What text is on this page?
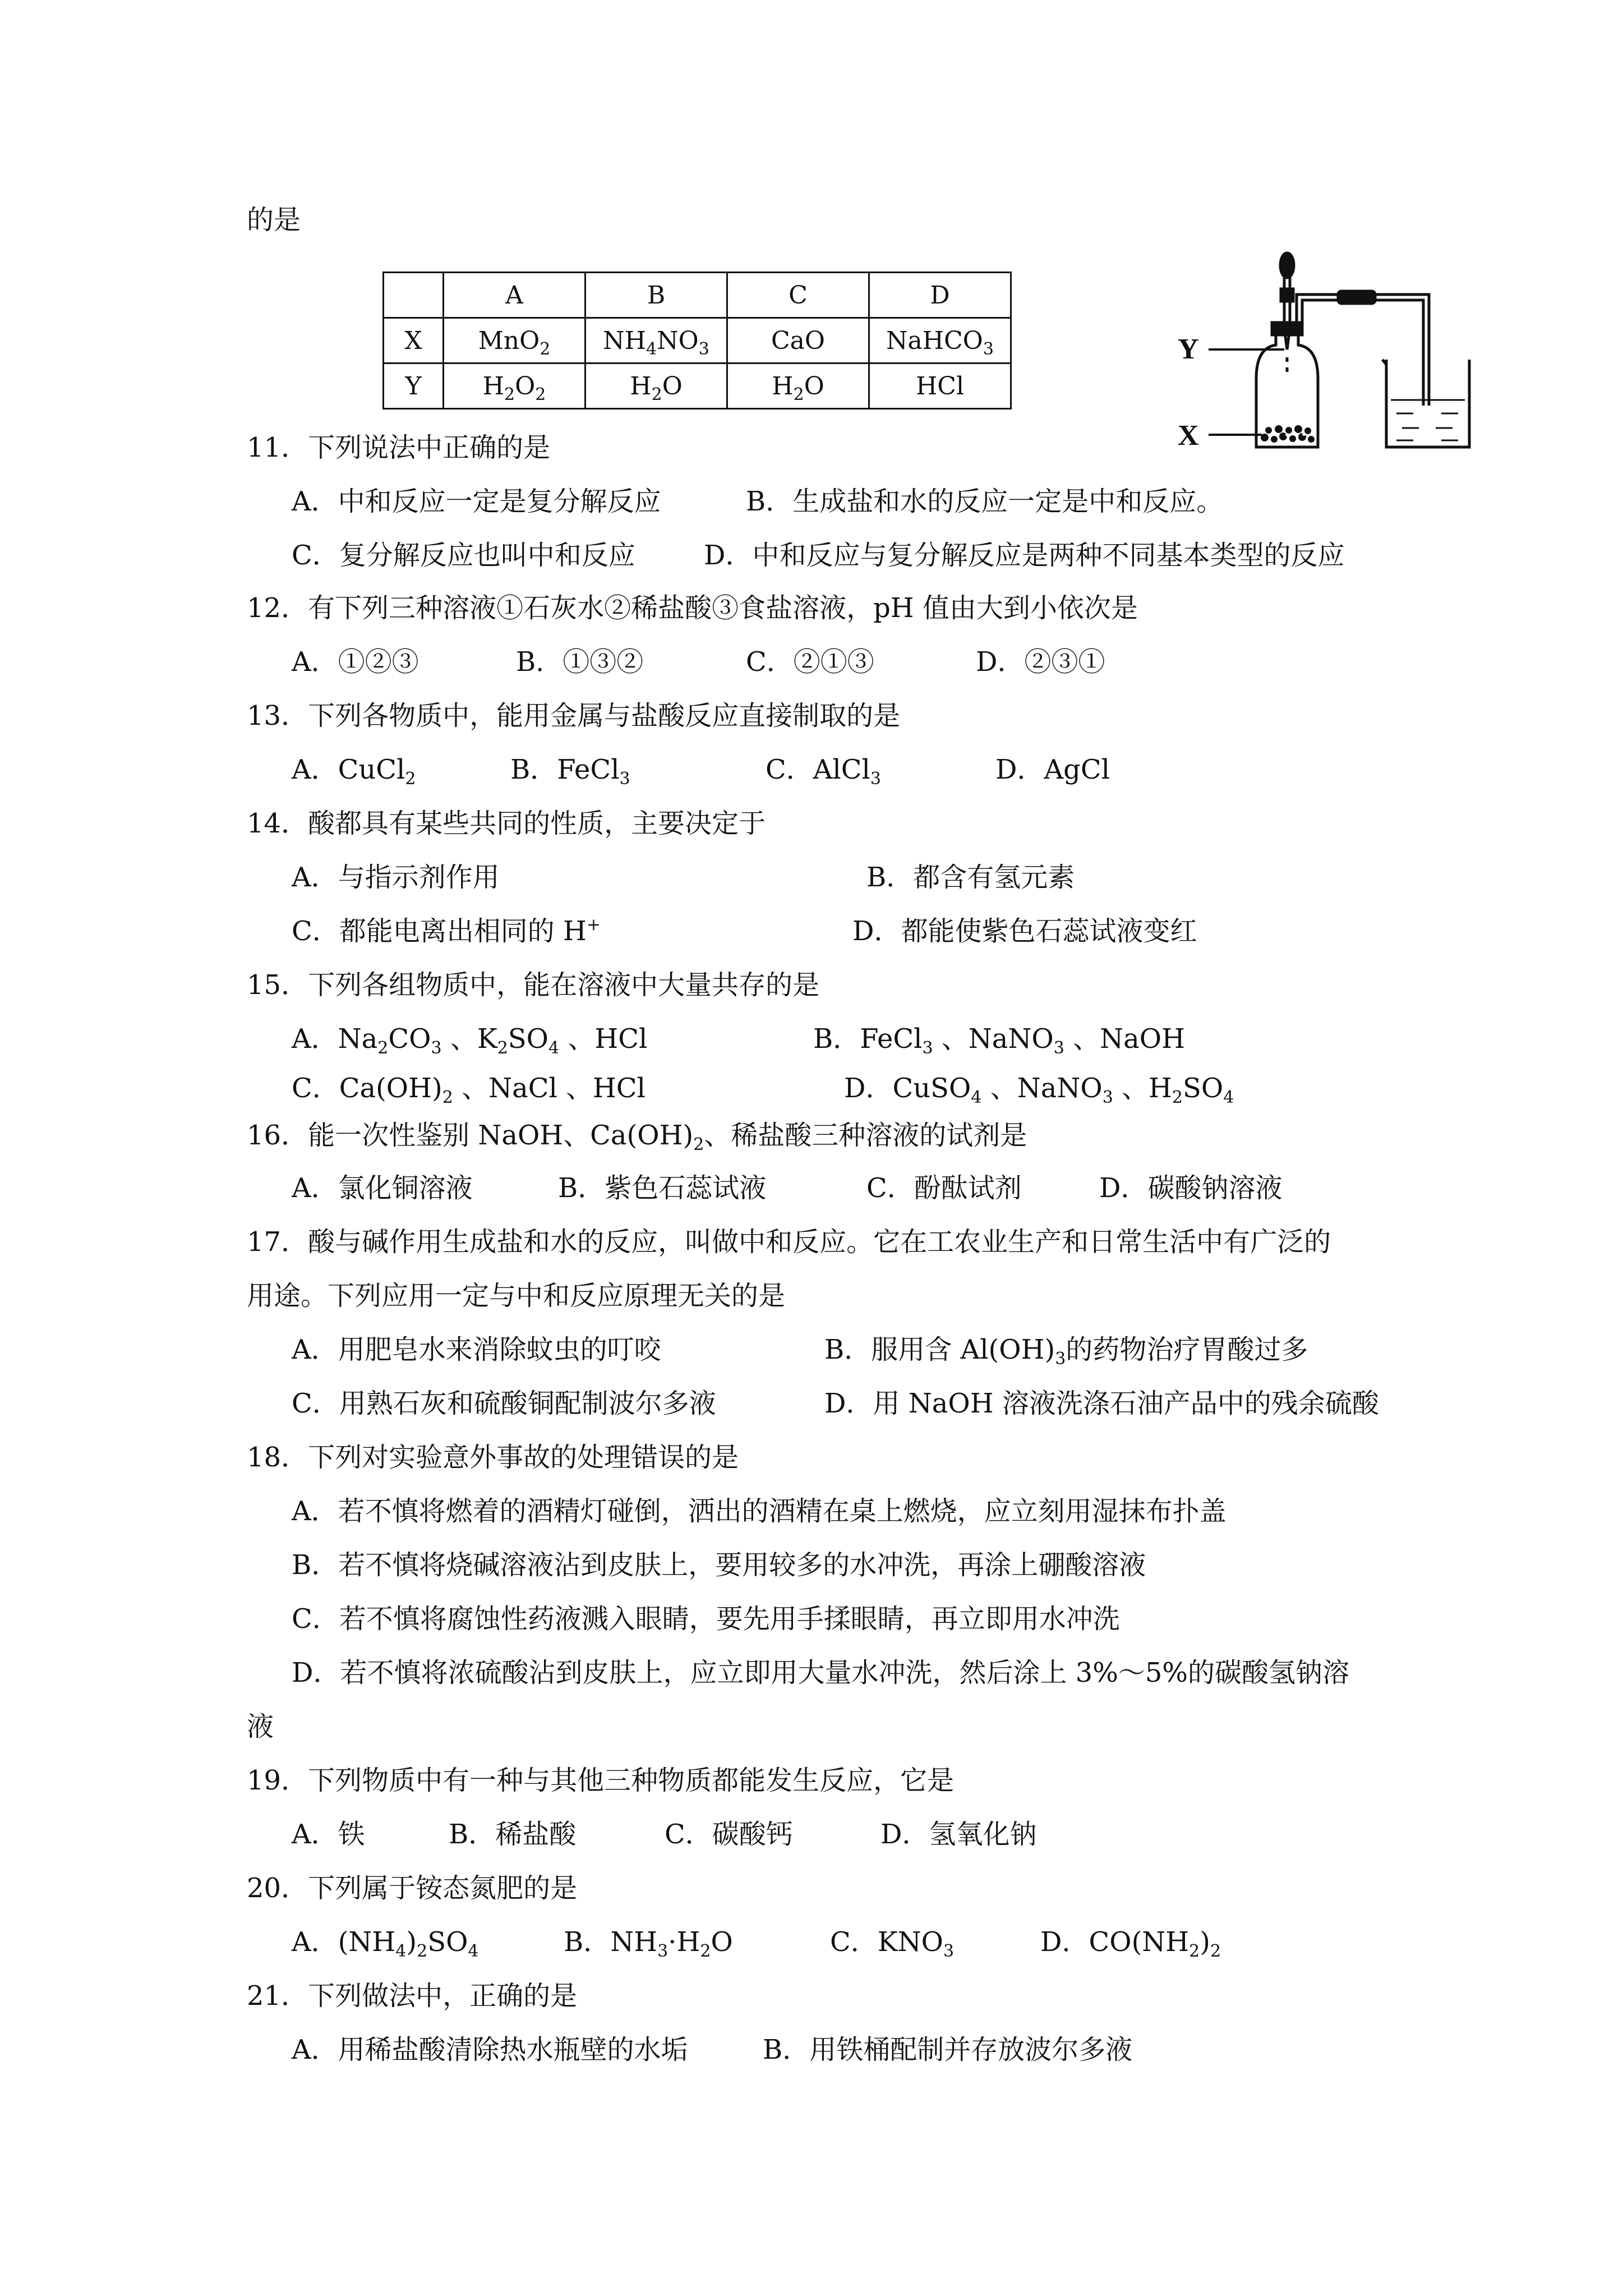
的是
	A	B	C	D
X	MnO$_2$	$NH_4NO_3$	CaO	NaHCO$_3$
Y	$H_2O_2$	$H_2O$	$H_2O$	HCl
Y
X
11．下列说法中正确的是
A．中和反应一定是复分解反应	B．生成盐和水的反应一定是中和反应。
C．复分解反应也叫中和反应	D．中和反应与复分解反应是两种不同基本类型的反应
12．有下列三种溶液①石灰水②稀盐酸③食盐溶液，pH 值由大到小依次是
A．①②③	B．①③②	C．②①③	D．②③①
13．下列各物质中，能用金属与盐酸反应直接制取的是
A．CuCl$_2$	B．FeCl$_3$	C．AlCl$_3$	D．AgCl
14．酸都具有某些共同的性质，主要决定于
A．与指示剂作用	B．都含有氢元素
C．都能电离出相同的 H+	D．都能使紫色石蕊试液变红
15．下列各组物质中，能在溶液中大量共存的是
A．$Na_2CO_3$ 、$K_2SO_4$ 、HCl	B．FeCl$_3$ 、NaNO$_3$ 、NaOH
C．$Ca(OH)_2$ 、NaCl 、HCl	D．CuSO$_4$ 、NaNO$_3$ 、$H_2SO_4$
16．能一次性鉴别 NaOH、$Ca(OH)_2$、稀盐酸三种溶液的试剂是
A．氯化铜溶液	B．紫色石蕊试液	C．酚酞试剂	D．碳酸钠溶液
17．酸与碱作用生成盐和水的反应，叫做中和反应。它在工农业生产和日常生活中有广泛的
用途。下列应用一定与中和反应原理无关的是
A．用肥皂水来消除蚊虫的叮咬	B．服用含 $Al(OH)_3$的药物治疗胃酸过多
C．用熟石灰和硫酸铜配制波尔多液	D．用 NaOH 溶液洗涤石油产品中的残余硫酸
18．下列对实验意外事故的处理错误的是
A．若不慎将燃着的酒精灯碰倒，洒出的酒精在桌上燃烧，应立刻用湿抹布扑盖
B．若不慎将烧碱溶液沾到皮肤上，要用较多的水冲洗，再涂上硼酸溶液
C．若不慎将腐蚀性药液溅入眼睛，要先用手揉眼睛，再立即用水冲洗
D．若不慎将浓硫酸沾到皮肤上，应立即用大量水冲洗，然后涂上 3%～5%的碳酸氢钠溶
液
19．下列物质中有一种与其他三种物质都能发生反应，它是
A．铁	B．稀盐酸	C．碳酸钙	D．氢氧化钠
20．下列属于铵态氮肥的是
A．$(NH_4)_2SO_4$	B．$NH_3\cdot H_2O$	C．$KNO_3$	D．$CO(NH_2)_2$
21．下列做法中，正确的是
A．用稀盐酸清除热水瓶壁的水垢	B．用铁桶配制并存放波尔多液
